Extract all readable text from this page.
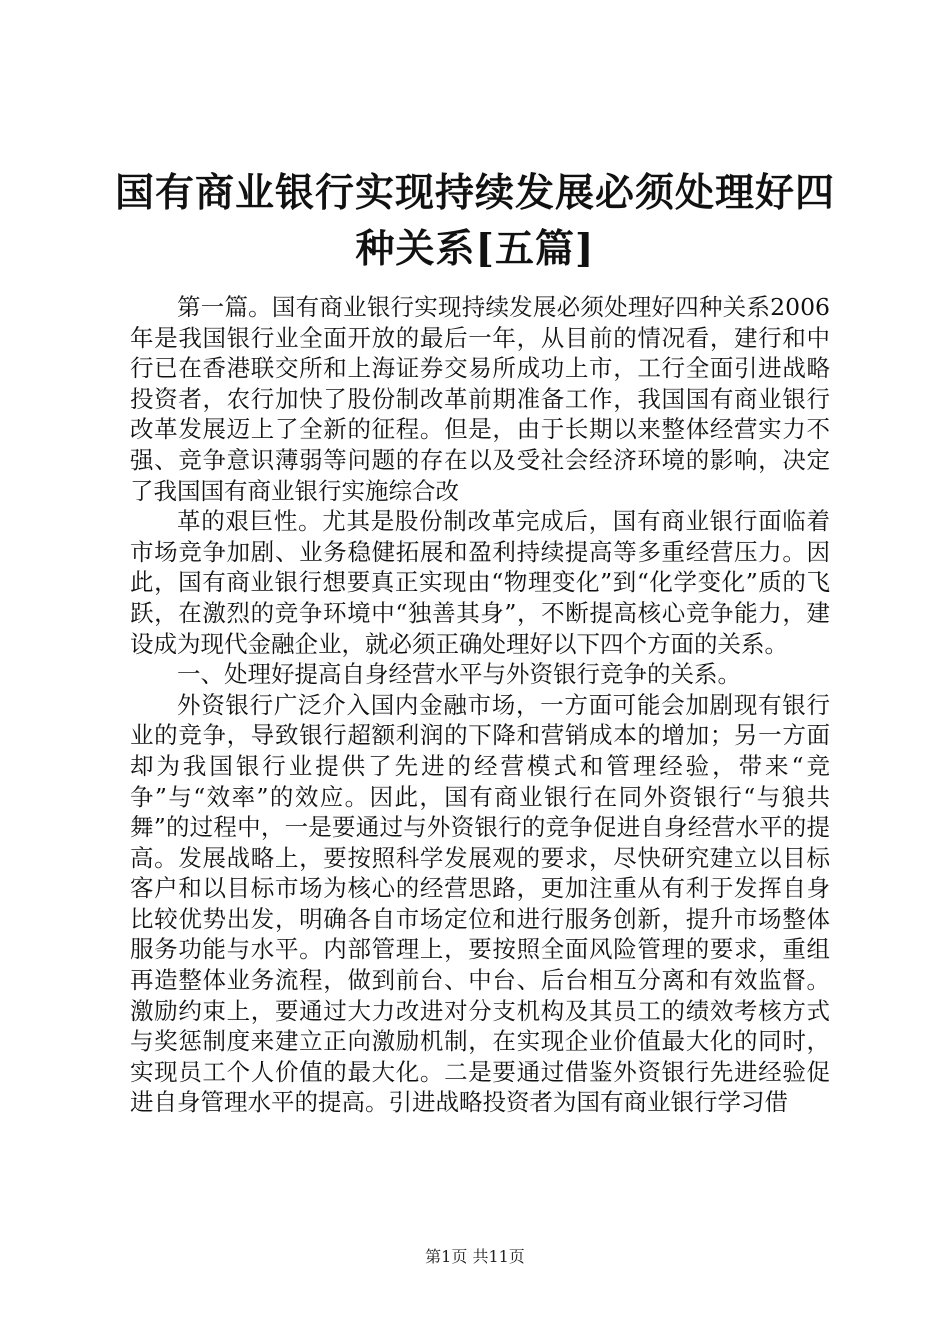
国有商业银行实现持续发展必须处理好四种关系[五篇]

第一篇。国有商业银行实现持续发展必须处理好四种关系2006年是我国银行业全面开放的最后一年，从目前的情况看，建行和中行已在香港联交所和上海证券交易所成功上市，工行全面引进战略投资者，农行加快了股份制改革前期准备工作，我国国有商业银行改革发展迈上了全新的征程。但是，由于长期以来整体经营实力不强、竞争意识薄弱等问题的存在以及受社会经济环境的影响，决定了我国国有商业银行实施综合改

革的艰巨性。尤其是股份制改革完成后，国有商业银行面临着市场竞争加剧、业务稳健拓展和盈利持续提高等多重经营压力。因此，国有商业银行想要真正实现由“物理变化”到“化学变化”质的飞跃，在激烈的竞争环境中“独善其身”，不断提高核心竞争能力，建设成为现代金融企业，就必须正确处理好以下四个方面的关系。

一、处理好提高自身经营水平与外资银行竞争的关系。

外资银行广泛介入国内金融市场，一方面可能会加剧现有银行业的竞争，导致银行超额利润的下降和营销成本的增加；另一方面却为我国银行业提供了先进的经营模式和管理经验，带来“竞争”与“效率”的效应。因此，国有商业银行在同外资银行“与狼共舞”的过程中，一是要通过与外资银行的竞争促进自身经营水平的提高。发展战略上，要按照科学发展观的要求，尽快研究建立以目标客户和以目标市场为核心的经营思路，更加注重从有利于发挥自身比较优势出发，明确各自市场定位和进行服务创新，提升市场整体服务功能与水平。内部管理上，要按照全面风险管理的要求，重组再造整体业务流程，做到前台、中台、后台相互分离和有效监督。激励约束上，要通过大力改进对分支机构及其员工的绩效考核方式与奖惩制度来建立正向激励机制，在实现企业价值最大化的同时，实现员工个人价值的最大化。二是要通过借鉴外资银行先进经验促进自身管理水平的提高。引进战略投资者为国有商业银行学习借

第1页 共11页
